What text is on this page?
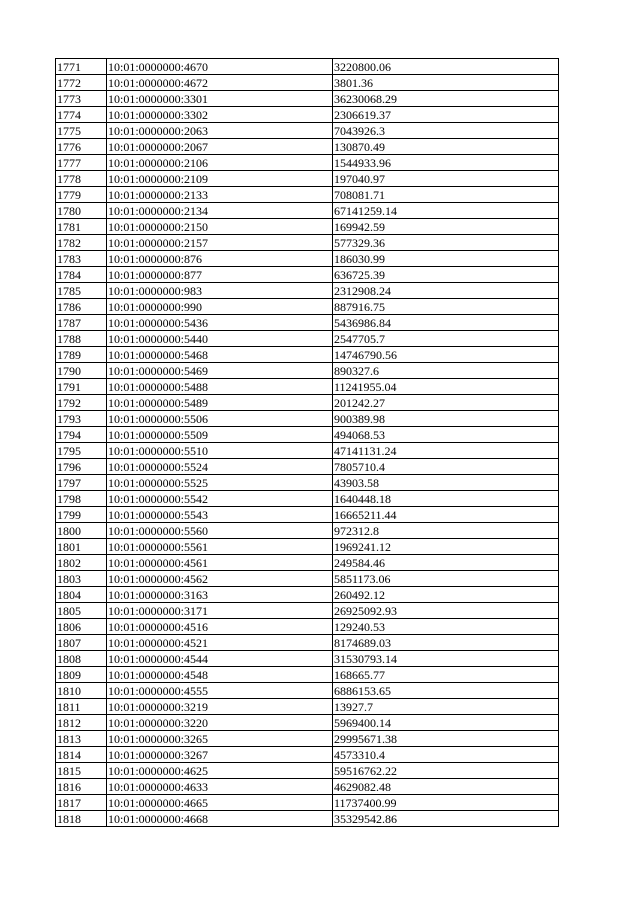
1771	10:01:0000000:4670	3220800.06
1772	10:01:0000000:4672	3801.36
1773	10:01:0000000:3301	36230068.29
1774	10:01:0000000:3302	2306619.37
1775	10:01:0000000:2063	7043926.3
1776	10:01:0000000:2067	130870.49
1777	10:01:0000000:2106	1544933.96
1778	10:01:0000000:2109	197040.97
1779	10:01:0000000:2133	708081.71
1780	10:01:0000000:2134	67141259.14
1781	10:01:0000000:2150	169942.59
1782	10:01:0000000:2157	577329.36
1783	10:01:0000000:876	186030.99
1784	10:01:0000000:877	636725.39
1785	10:01:0000000:983	2312908.24
1786	10:01:0000000:990	887916.75
1787	10:01:0000000:5436	5436986.84
1788	10:01:0000000:5440	2547705.7
1789	10:01:0000000:5468	14746790.56
1790	10:01:0000000:5469	890327.6
1791	10:01:0000000:5488	11241955.04
1792	10:01:0000000:5489	201242.27
1793	10:01:0000000:5506	900389.98
1794	10:01:0000000:5509	494068.53
1795	10:01:0000000:5510	47141131.24
1796	10:01:0000000:5524	7805710.4
1797	10:01:0000000:5525	43903.58
1798	10:01:0000000:5542	1640448.18
1799	10:01:0000000:5543	16665211.44
1800	10:01:0000000:5560	972312.8
1801	10:01:0000000:5561	1969241.12
1802	10:01:0000000:4561	249584.46
1803	10:01:0000000:4562	5851173.06
1804	10:01:0000000:3163	260492.12
1805	10:01:0000000:3171	26925092.93
1806	10:01:0000000:4516	129240.53
1807	10:01:0000000:4521	8174689.03
1808	10:01:0000000:4544	31530793.14
1809	10:01:0000000:4548	168665.77
1810	10:01:0000000:4555	6886153.65
1811	10:01:0000000:3219	13927.7
1812	10:01:0000000:3220	5969400.14
1813	10:01:0000000:3265	29995671.38
1814	10:01:0000000:3267	4573310.4
1815	10:01:0000000:4625	59516762.22
1816	10:01:0000000:4633	4629082.48
1817	10:01:0000000:4665	11737400.99
1818	10:01:0000000:4668	35329542.86
